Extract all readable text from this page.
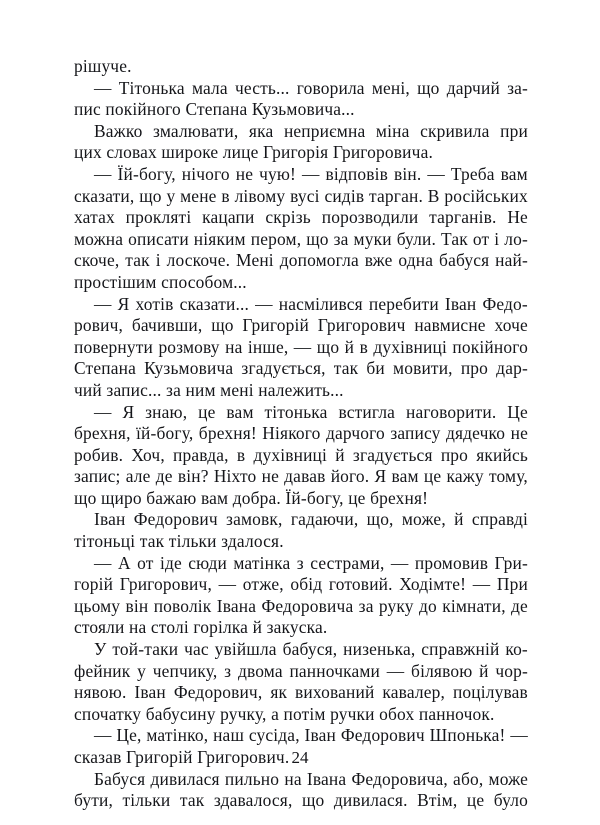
рішуче.
— Тітонька мала честь... говорила мені, що дарчий за-
пис покійного Степана Кузьмовича...
Важко змалювати, яка неприємна міна скривила при
цих словах широке лице Григорія Григоровича.
— Їй-богу, нічого не чую! — відповів він. — Треба вам
сказати, що у мене в лівому вусі сидів тарган. В російських
хатах прокляті кацапи скрізь порозводили тарганів. Не
можна описати ніяким пером, що за муки були. Так от і ло-
скоче, так і лоскоче. Мені допомогла вже одна бабуся най-
простішим способом...
— Я хотів сказати... — насмілився перебити Іван Федо-
рович, бачивши, що Григорій Григорович навмисне хоче
повернути розмову на інше, — що й в духівниці покійного
Степана Кузьмовича згадується, так би мовити, про дар-
чий запис... за ним мені належить...
— Я знаю, це вам тітонька встигла наговорити. Це
брехня, їй-богу, брехня! Ніякого дарчого запису дядечко не
робив. Хоч, правда, в духівниці й згадується про якийсь
запис; але де він? Ніхто не давав його. Я вам це кажу тому,
що щиро бажаю вам добра. Їй-богу, це брехня!
Іван Федорович замовк, гадаючи, що, може, й справді
тітоньці так тільки здалося.
— А от іде сюди матінка з сестрами, — промовив Гри-
горій Григорович, — отже, обід готовий. Ходімте! — При
цьому він поволік Івана Федоровича за руку до кімнати, де
стояли на столі горілка й закуска.
У той-таки час увійшла бабуся, низенька, справжній ко-
фейник у чепчику, з двома панночками — білявою й чор-
нявою. Іван Федорович, як вихований кавалер, поцілував
спочатку бабусину ручку, а потім ручки обох панночок.
— Це, матінко, наш сусіда, Іван Федорович Шпонька! —
сказав Григорій Григорович.
Бабуся дивилася пильно на Івана Федоровича, або, може
бути, тільки так здавалося, що дивилася. Втім, це було
24
